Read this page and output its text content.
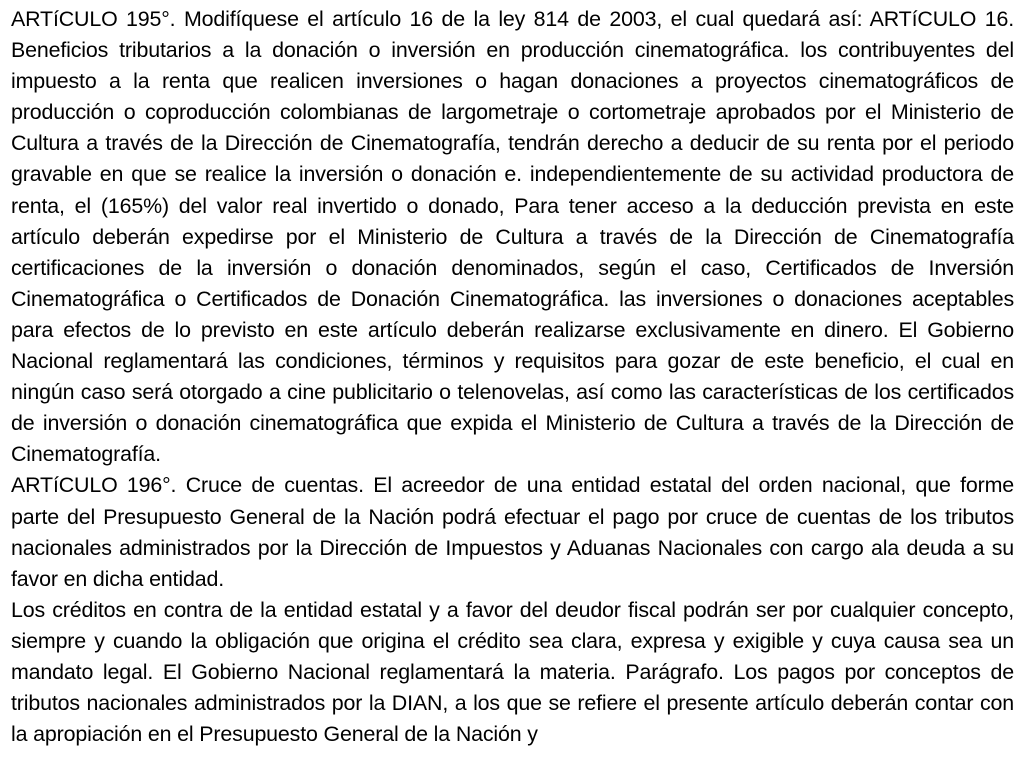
ARTíCULO 195°. Modifíquese el artículo 16 de la ley 814 de 2003, el cual quedará así: ARTíCULO 16. Beneficios tributarios a la donación o inversión en producción cinematográfica. los contribuyentes del impuesto a la renta que realicen inversiones o hagan donaciones a proyectos cinematográficos de producción o coproducción colombianas de largometraje o cortometraje aprobados por el Ministerio de Cultura a través de la Dirección de Cinematografía, tendrán derecho a deducir de su renta por el periodo gravable en que se realice la inversión o donación e. independientemente de su actividad productora de renta, el (165%) del valor real invertido o donado, Para tener acceso a la deducción prevista en este artículo deberán expedirse por el Ministerio de Cultura a través de la Dirección de Cinematografía certificaciones de la inversión o donación denominados, según el caso, Certificados de Inversión Cinematográfica o Certificados de Donación Cinematográfica. las inversiones o donaciones aceptables para efectos de lo previsto en este artículo deberán realizarse exclusivamente en dinero. El Gobierno Nacional reglamentará las condiciones, términos y requisitos para gozar de este beneficio, el cual en ningún caso será otorgado a cine publicitario o telenovelas, así como las características de los certificados de inversión o donación cinematográfica que expida el Ministerio de Cultura a través de la Dirección de Cinematografía.

ARTíCULO 196°. Cruce de cuentas. El acreedor de una entidad estatal del orden nacional, que forme parte del Presupuesto General de la Nación podrá efectuar el pago por cruce de cuentas de los tributos nacionales administrados por la Dirección de Impuestos y Aduanas Nacionales con cargo ala deuda a su favor en dicha entidad.

Los créditos en contra de la entidad estatal y a favor del deudor fiscal podrán ser por cualquier concepto, siempre y cuando la obligación que origina el crédito sea clara, expresa y exigible y cuya causa sea un mandato legal. El Gobierno Nacional reglamentará la materia. Parágrafo. Los pagos por conceptos de tributos nacionales administrados por la DIAN, a los que se refiere el presente artículo deberán contar con la apropiación en el Presupuesto General de la Nación y
